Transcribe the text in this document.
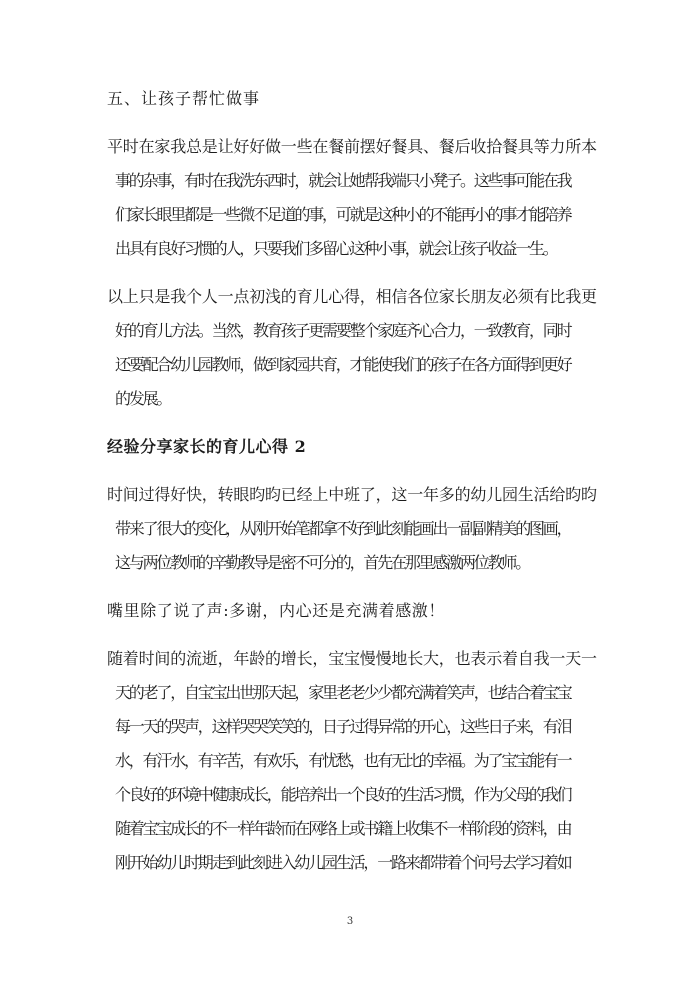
五、让孩子帮忙做事
平时在家我总是让好好做一些在餐前摆好餐具、餐后收拾餐具等力所本
事的杂事，有时在我洗东西时，就会让她帮我端只小凳子。这些事可能在我
们家长眼里都是一些微不足道的事，可就是这种小的不能再小的事才能陪养
出具有良好习惯的人，只要我们多留心这种小事，就会让孩子收益一生。
以上只是我个人一点初浅的育儿心得，相信各位家长朋友必须有比我更
好的育儿方法。当然，教育孩子更需要整个家庭齐心合力，一致教育，同时
还要配合幼儿园教师，做到家园共育，才能使我们的孩子在各方面得到更好
的发展。
经验分享家长的育儿心得 2
时间过得好快，转眼昀昀已经上中班了，这一年多的幼儿园生活给昀昀
带来了很大的变化，从刚开始笔都拿不好到此刻能画出一副副精美的图画，
这与两位教师的辛勤教导是密不可分的，首先在那里感激两位教师。
嘴里除了说了声:多谢，内心还是充满着感激！
随着时间的流逝，年龄的增长，宝宝慢慢地长大，也表示着自我一天一
天的老了，自宝宝出世那天起，家里老老少少都充满着笑声，也结合着宝宝
每一天的哭声，这样哭哭笑笑的，日子过得异常的开心，这些日子来，有泪
水，有汗水，有辛苦，有欢乐，有忧愁，也有无比的幸福。为了宝宝能有一
个良好的环境中健康成长，能培养出一个良好的生活习惯，作为父母的我们
随着宝宝成长的不一样年龄而在网络上或书籍上收集不一样阶段的资料，由
刚开始幼儿时期走到此刻进入幼儿园生活，一路来都带着个问号去学习着如
3
